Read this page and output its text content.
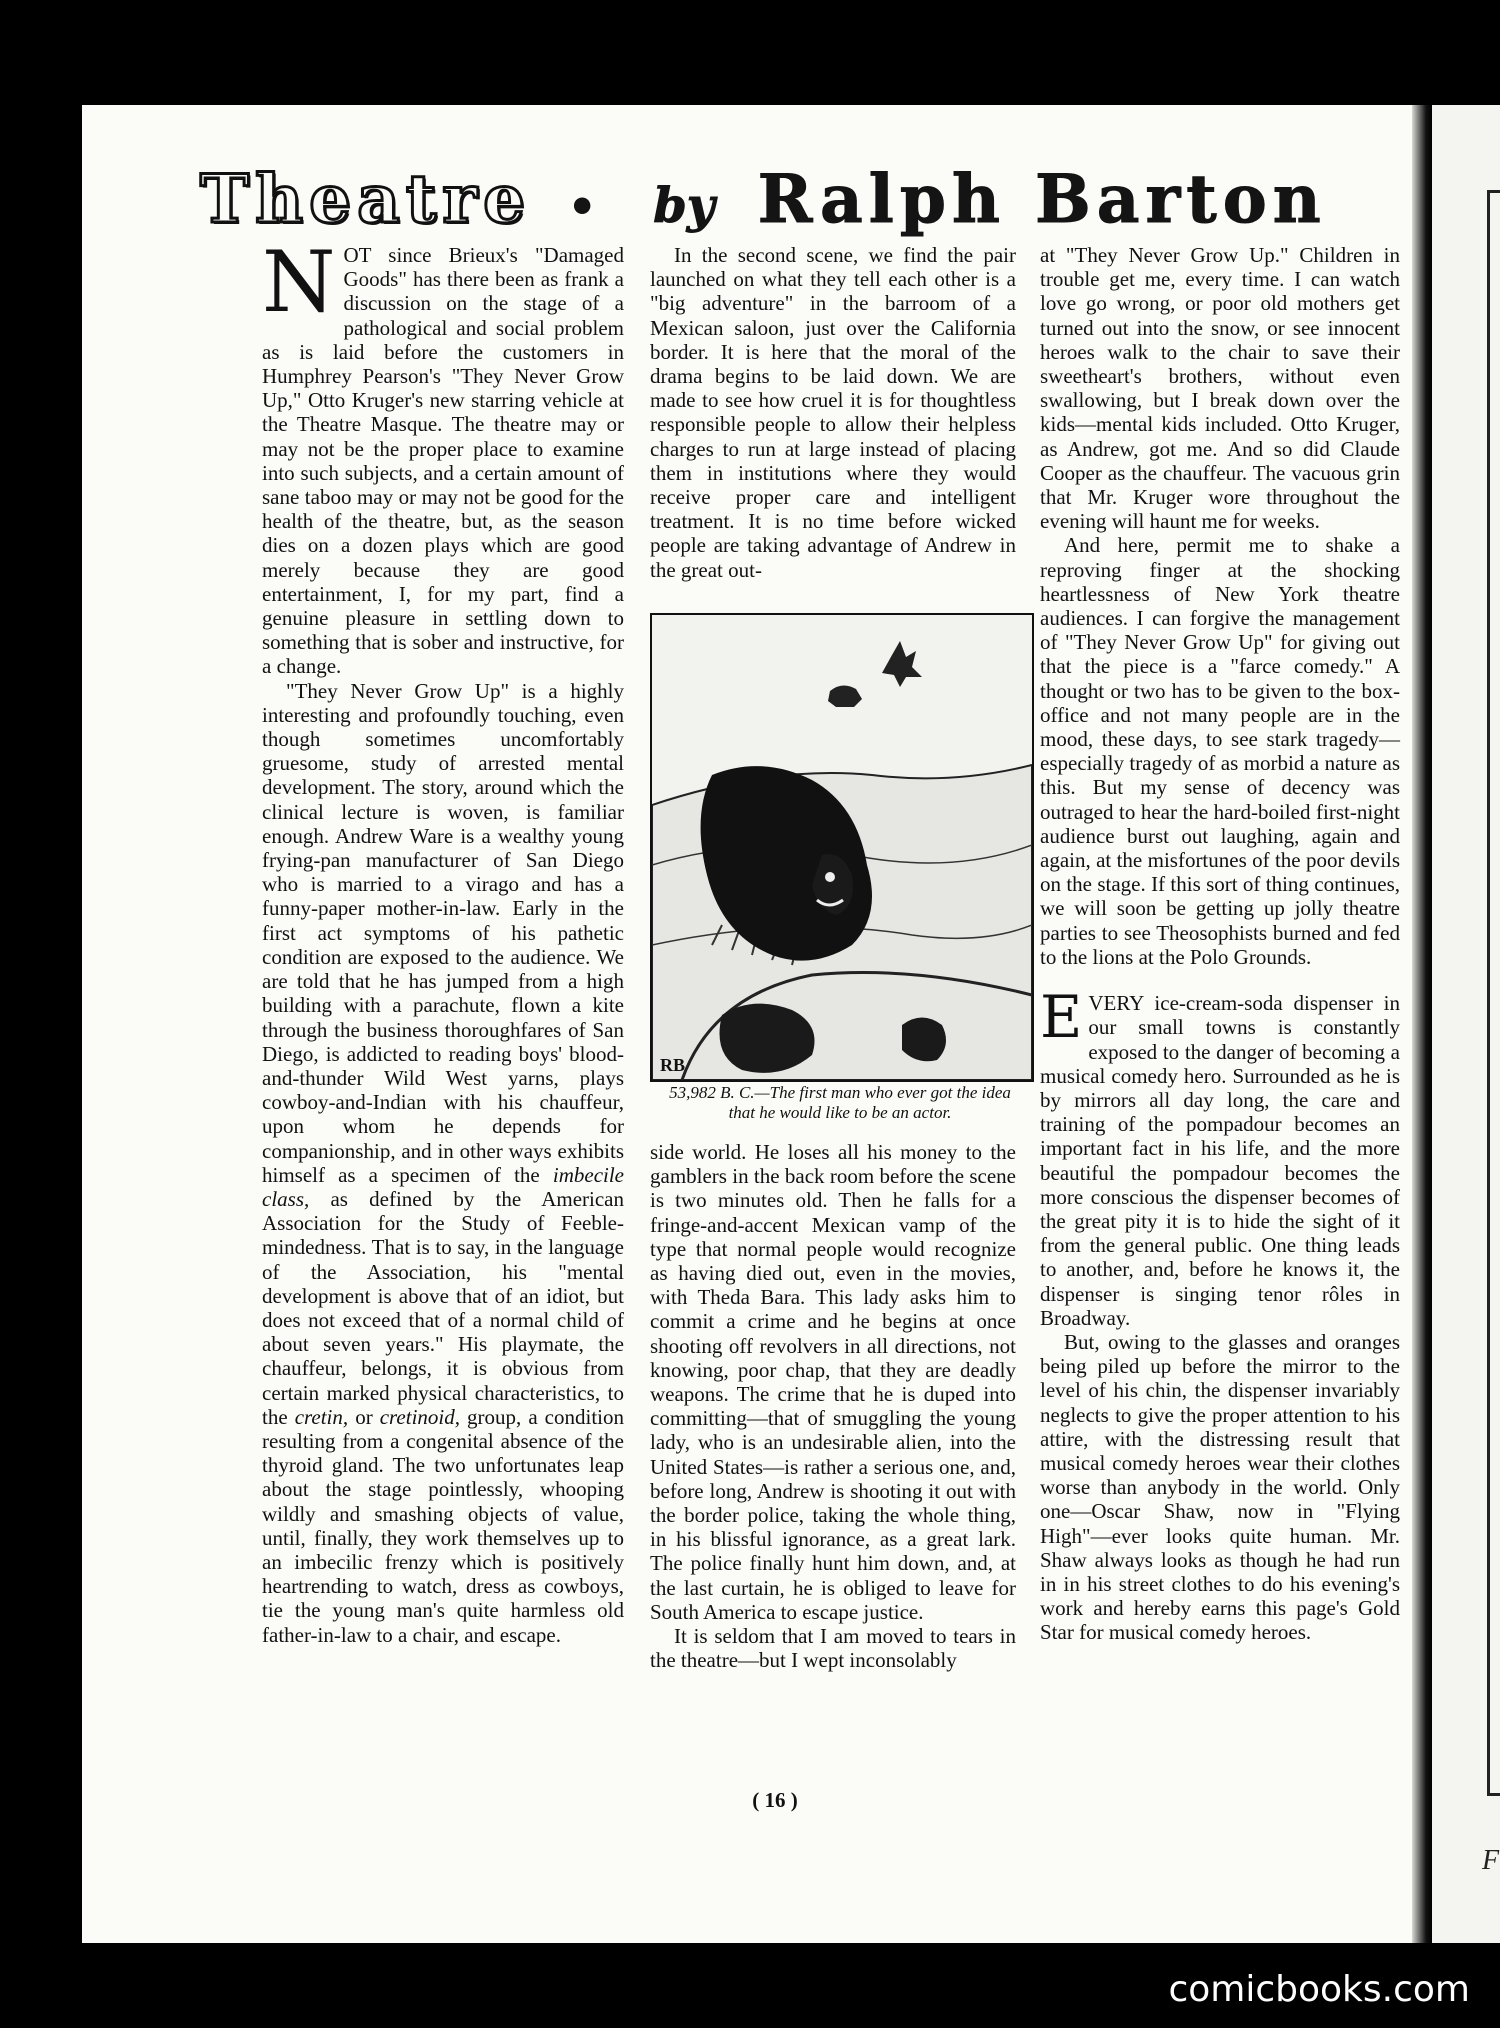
F
Theatre • by Ralph Barton

NOT since Brieux's "Damaged Goods" has there been as frank a discussion on the stage of a pathological and social problem as is laid before the customers in Humphrey Pearson's "They Never Grow Up," Otto Kruger's new starring vehicle at the Theatre Masque. The theatre may or may not be the proper place to examine into such subjects, and a certain amount of sane taboo may or may not be good for the health of the theatre, but, as the season dies on a dozen plays which are good merely because they are good entertainment, I, for my part, find a genuine pleasure in settling down to something that is sober and instructive, for a change.

"They Never Grow Up" is a highly interesting and profoundly touching, even though sometimes uncomfortably gruesome, study of arrested mental development. The story, around which the clinical lecture is woven, is familiar enough. Andrew Ware is a wealthy young frying-pan manufacturer of San Diego who is married to a virago and has a funny-paper mother-in-law. Early in the first act symptoms of his pathetic condition are exposed to the audience. We are told that he has jumped from a high building with a parachute, flown a kite through the business thoroughfares of San Diego, is addicted to reading boys' blood-and-thunder Wild West yarns, plays cowboy-and-Indian with his chauffeur, upon whom he depends for companionship, and in other ways exhibits himself as a specimen of the imbecile class, as defined by the American Association for the Study of Feeble-mindedness. That is to say, in the language of the Association, his "mental development is above that of an idiot, but does not exceed that of a normal child of about seven years." His playmate, the chauffeur, belongs, it is obvious from certain marked physical characteristics, to the cretin, or cretinoid, group, a condition resulting from a congenital absence of the thyroid gland. The two unfortunates leap about the stage pointlessly, whooping wildly and smashing objects of value, until, finally, they work themselves up to an imbecilic frenzy which is positively heartrending to watch, dress as cowboys, tie the young man's quite harmless old father-in-law to a chair, and escape.

In the second scene, we find the pair launched on what they tell each other is a "big adventure" in the barroom of a Mexican saloon, just over the California border. It is here that the moral of the drama begins to be laid down. We are made to see how cruel it is for thoughtless responsible people to allow their helpless charges to run at large instead of placing them in institutions where they would receive proper care and intelligent treatment. It is no time before wicked people are taking advantage of Andrew in the great out-

RB
53,982 B. C.—The first man who ever got the idea that he would like to be an actor.

side world. He loses all his money to the gamblers in the back room before the scene is two minutes old. Then he falls for a fringe-and-accent Mexican vamp of the type that normal people would recognize as having died out, even in the movies, with Theda Bara. This lady asks him to commit a crime and he begins at once shooting off revolvers in all directions, not knowing, poor chap, that they are deadly weapons. The crime that he is duped into committing—that of smuggling the young lady, who is an undesirable alien, into the United States—is rather a serious one, and, before long, Andrew is shooting it out with the border police, taking the whole thing, in his blissful ignorance, as a great lark. The police finally hunt him down, and, at the last curtain, he is obliged to leave for South America to escape justice.

It is seldom that I am moved to tears in the theatre—but I wept inconsolably

at "They Never Grow Up." Children in trouble get me, every time. I can watch love go wrong, or poor old mothers get turned out into the snow, or see innocent heroes walk to the chair to save their sweetheart's brothers, without even swallowing, but I break down over the kids—mental kids included. Otto Kruger, as Andrew, got me. And so did Claude Cooper as the chauffeur. The vacuous grin that Mr. Kruger wore throughout the evening will haunt me for weeks.

And here, permit me to shake a reproving finger at the shocking heartlessness of New York theatre audiences. I can forgive the management of "They Never Grow Up" for giving out that the piece is a "farce comedy." A thought or two has to be given to the box-office and not many people are in the mood, these days, to see stark tragedy—especially tragedy of as morbid a nature as this. But my sense of decency was outraged to hear the hard-boiled first-night audience burst out laughing, again and again, at the misfortunes of the poor devils on the stage. If this sort of thing continues, we will soon be getting up jolly theatre parties to see Theosophists burned and fed to the lions at the Polo Grounds.

EVERY ice-cream-soda dispenser in our small towns is constantly exposed to the danger of becoming a musical comedy hero. Surrounded as he is by mirrors all day long, the care and training of the pompadour becomes an important fact in his life, and the more beautiful the pompadour becomes the more conscious the dispenser becomes of the great pity it is to hide the sight of it from the general public. One thing leads to another, and, before he knows it, the dispenser is singing tenor rôles in Broadway.

But, owing to the glasses and oranges being piled up before the mirror to the level of his chin, the dispenser invariably neglects to give the proper attention to his attire, with the distressing result that musical comedy heroes wear their clothes worse than anybody in the world. Only one—Oscar Shaw, now in "Flying High"—ever looks quite human. Mr. Shaw always looks as though he had run in in his street clothes to do his evening's work and hereby earns this page's Gold Star for musical comedy heroes.

( 16 )
comicbooks.com
